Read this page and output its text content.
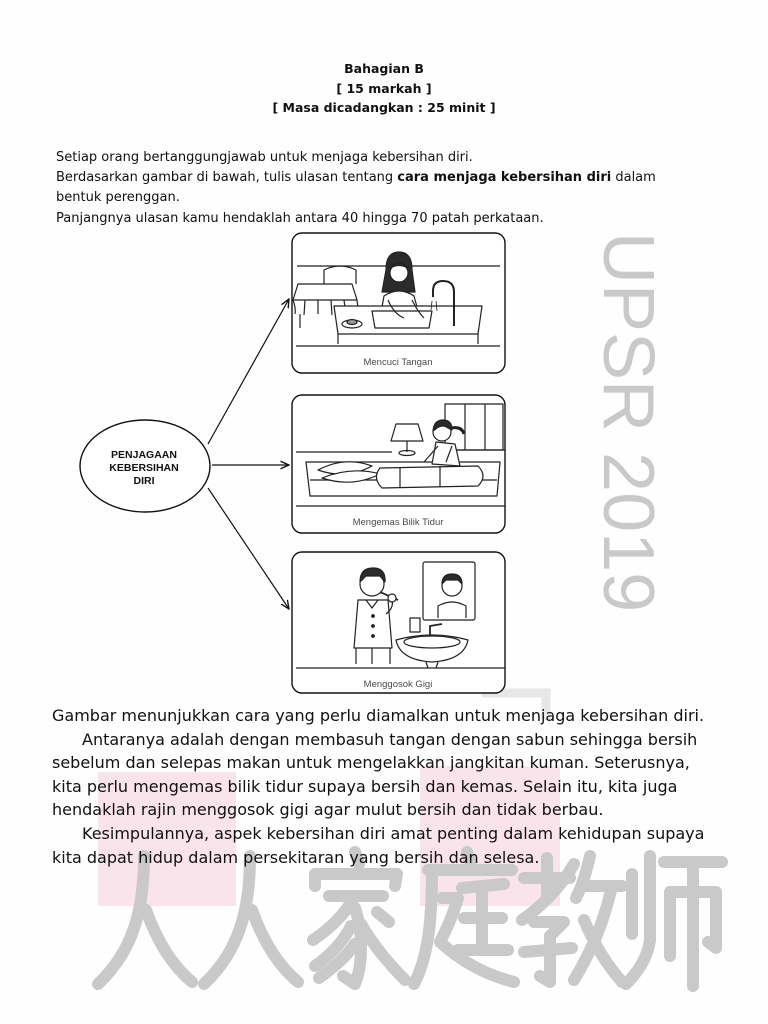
UPSR 2019
Bahagian B
[ 15 markah ]
[ Masa dicadangkan : 25 minit ]
Setiap orang bertanggungjawab untuk menjaga kebersihan diri.
Berdasarkan gambar di bawah, tulis ulasan tentang cara menjaga kebersihan diri dalam
bentuk perenggan.
Panjangnya ulasan kamu hendaklah antara 40 hingga 70 patah perkataan.
PENJAGAAN
KEBERSIHAN
DIRI
Mencuci Tangan
Mengemas Bilik Tidur
Menggosok Gigi
Gambar menunjukkan cara yang perlu diamalkan untuk menjaga kebersihan diri.
Antaranya adalah dengan membasuh tangan dengan sabun sehingga bersih
sebelum dan selepas makan untuk mengelakkan jangkitan kuman. Seterusnya,
kita perlu mengemas bilik tidur supaya bersih dan kemas. Selain itu, kita juga
hendaklah rajin menggosok gigi agar mulut bersih dan tidak berbau.
Kesimpulannya, aspek kebersihan diri amat penting dalam kehidupan supaya
kita dapat hidup dalam persekitaran yang bersih dan selesa.
